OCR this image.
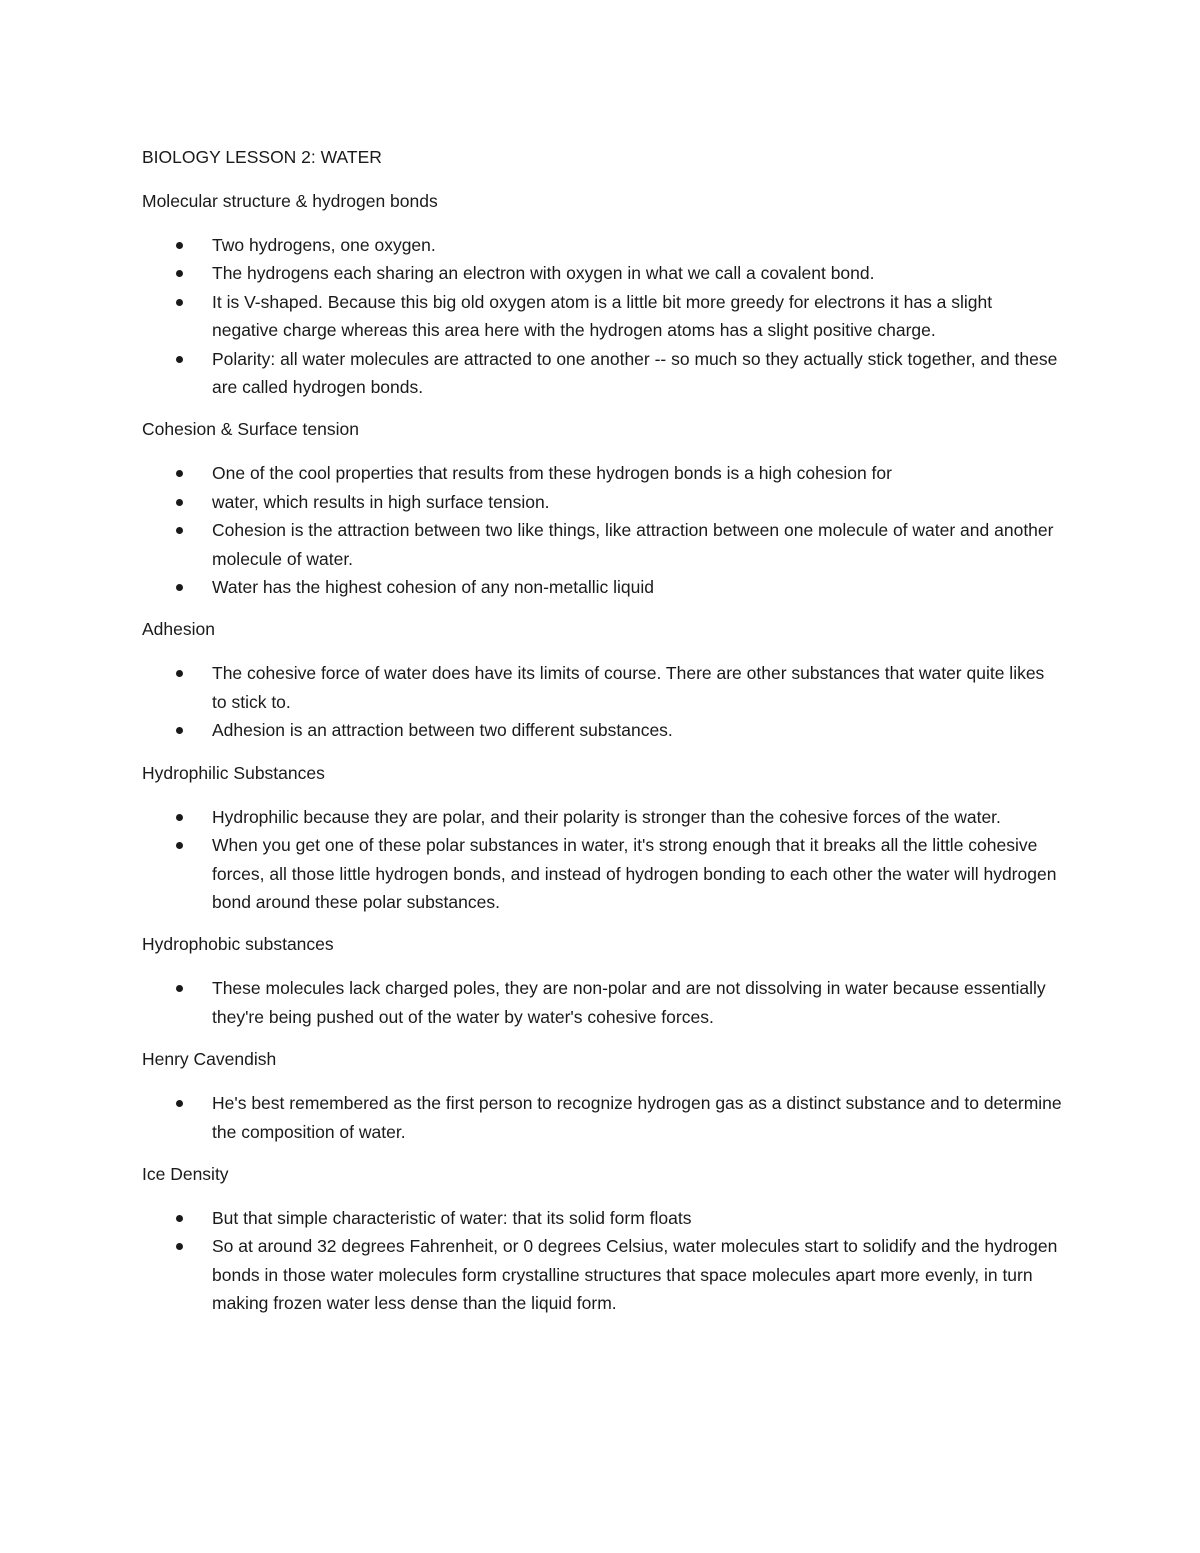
BIOLOGY LESSON 2: WATER
Molecular structure & hydrogen bonds
Two hydrogens, one oxygen.
The hydrogens each sharing an electron with oxygen in what we call a covalent bond.
It is V-shaped. Because this big old oxygen atom is a little bit more greedy for electrons it has a slight negative charge whereas this area here with the hydrogen atoms has a slight positive charge.
Polarity: all water molecules are attracted to one another -- so much so they actually stick together, and these are called hydrogen bonds.
Cohesion & Surface tension
One of the cool properties that results from these hydrogen bonds is a high cohesion for
water, which results in high surface tension.
Cohesion is the attraction between two like things, like attraction between one molecule of water and another molecule of water.
Water has the highest cohesion of any non-metallic liquid
Adhesion
The cohesive force of water does have its limits of course. There are other substances that water quite likes to stick to.
Adhesion is an attraction between two different substances.
Hydrophilic Substances
Hydrophilic because they are polar, and their polarity is stronger than the cohesive forces of the water.
When you get one of these polar substances in water, it's strong enough that it breaks all the little cohesive forces, all those little hydrogen bonds, and instead of hydrogen bonding to each other the water will hydrogen bond around these polar substances.
Hydrophobic substances
These molecules lack charged poles, they are non-polar and are not dissolving in water because essentially they're being pushed out of the water by water's cohesive forces.
Henry Cavendish
He's best remembered as the first person to recognize hydrogen gas as a distinct substance and to determine the composition of water.
Ice Density
But that simple characteristic of water: that its solid form floats
So at around 32 degrees Fahrenheit, or 0 degrees Celsius, water molecules start to solidify and the hydrogen bonds in those water molecules form crystalline structures that space molecules apart more evenly, in turn making frozen water less dense than the liquid form.
